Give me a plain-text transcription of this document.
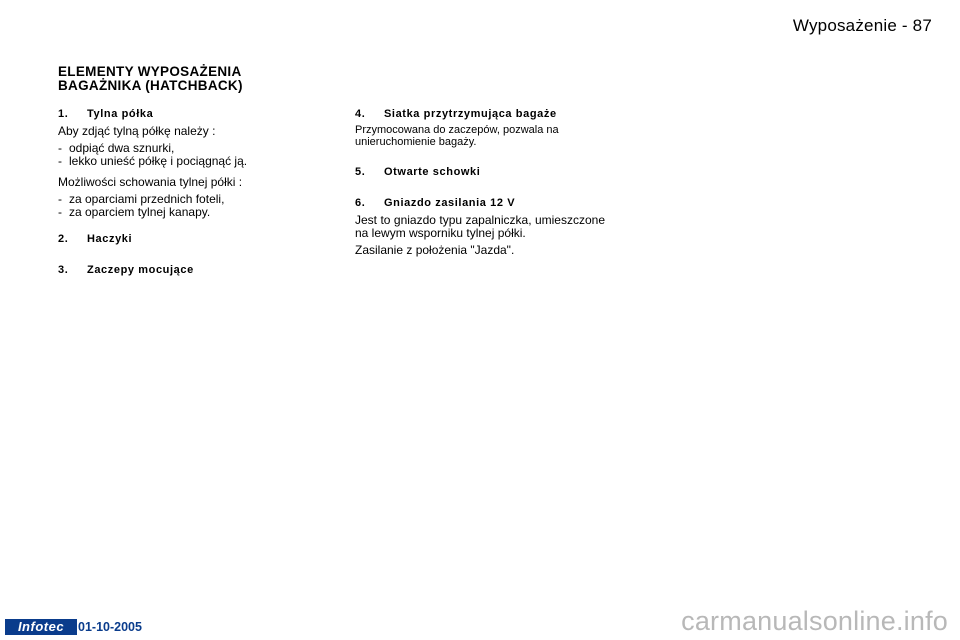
Wyposażenie - 87
ELEMENTY WYPOSAŻENIA
BAGAŻNIKA (HATCHBACK)

1. Tylna półka

Aby zdjąć tylną półkę należy :

- odpiąć dwa sznurki,
- lekko unieść półkę i pociągnąć ją.

Możliwości schowania tylnej półki :

- za oparciami przednich foteli,
- za oparciem tylnej kanapy.

2. Haczyki

3. Zaczepy mocujące

4. Siatka przytrzymująca bagaże

Przymocowana do zaczepów, pozwala na unieruchomienie bagaży.

5. Otwarte schowki

6. Gniazdo zasilania 12 V

Jest to gniazdo typu zapalniczka, umieszczone na lewym wsporniku tylnej półki.

Zasilanie z położenia "Jazda".

Infotec	01-10-2005	carmanualsonline.info
